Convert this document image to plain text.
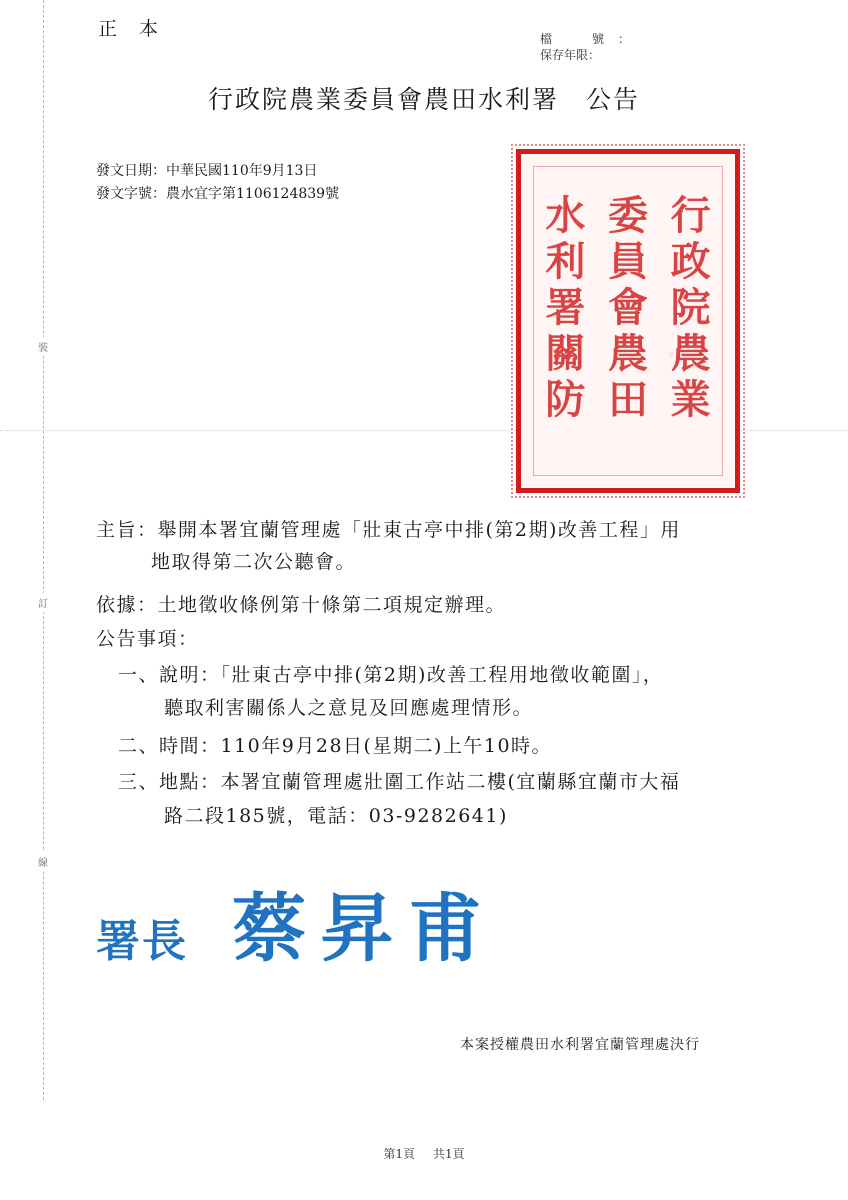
正本	檔　號：
保存年限：
裝
訂
線
行政院農業委員會農田水利署　公告
發文日期：中華民國110年9月13日
發文字號：農水宜字第1106124839號	行
政
院
農
業
委
員
會
農
田
水
利
署
關
防
主旨：舉開本署宜蘭管理處「壯東古亭中排(第2期)改善工程」用
地取得第二次公聽會。
依據：土地徵收條例第十條第二項規定辦理。
公告事項：
一、說明：「壯東古亭中排(第2期)改善工程用地徵收範圍」，
聽取利害關係人之意見及回應處理情形。
二、時間：110年9月28日(星期二)上午10時。
三、地點：本署宜蘭管理處壯圍工作站二樓(宜蘭縣宜蘭市大福
路二段185號，電話：03-9282641)
署長 蔡昇甫
本案授權農田水利署宜蘭管理處決行
第1頁 共1頁
